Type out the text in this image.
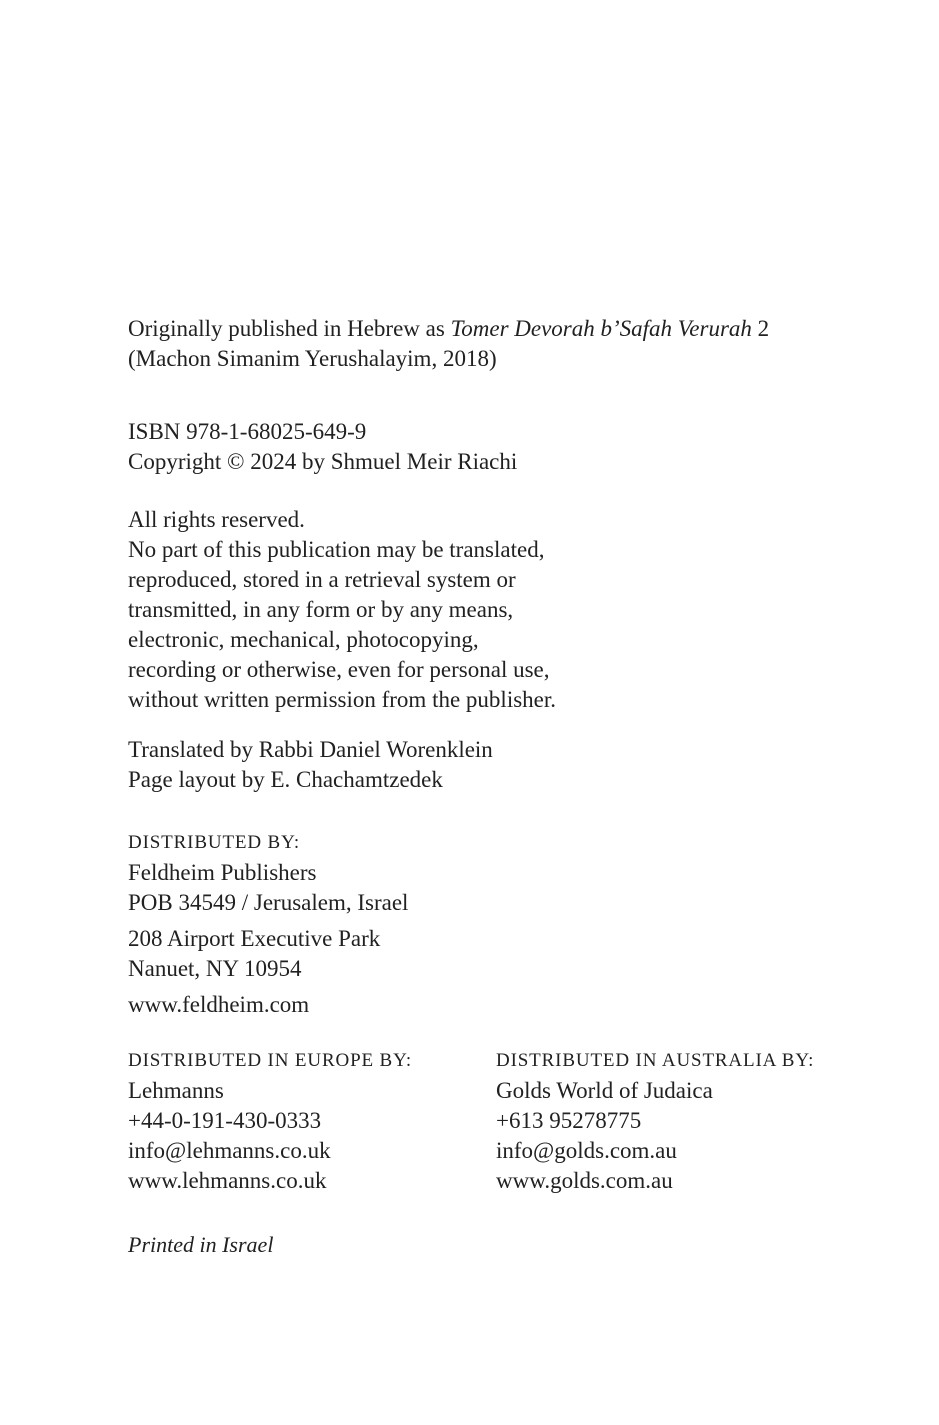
Originally published in Hebrew as Tomer Devorah b’Safah Verurah 2
(Machon Simanim Yerushalayim, 2018)
ISBN 978-1-68025-649-9
Copyright © 2024 by Shmuel Meir Riachi
All rights reserved.
No part of this publication may be translated,
reproduced, stored in a retrieval system or
transmitted, in any form or by any means,
electronic, mechanical, photocopying,
recording or otherwise, even for personal use,
without written permission from the publisher.
Translated by Rabbi Daniel Worenklein
Page layout by E. Chachamtzedek
DISTRIBUTED BY:
Feldheim Publishers
POB 34549 / Jerusalem, Israel
208 Airport Executive Park
Nanuet, NY 10954
www.feldheim.com
DISTRIBUTED IN EUROPE BY:
Lehmanns
+44-0-191-430-0333
info@lehmanns.co.uk
www.lehmanns.co.uk
DISTRIBUTED IN AUSTRALIA BY:
Golds World of Judaica
+613 95278775
info@golds.com.au
www.golds.com.au
Printed in Israel
